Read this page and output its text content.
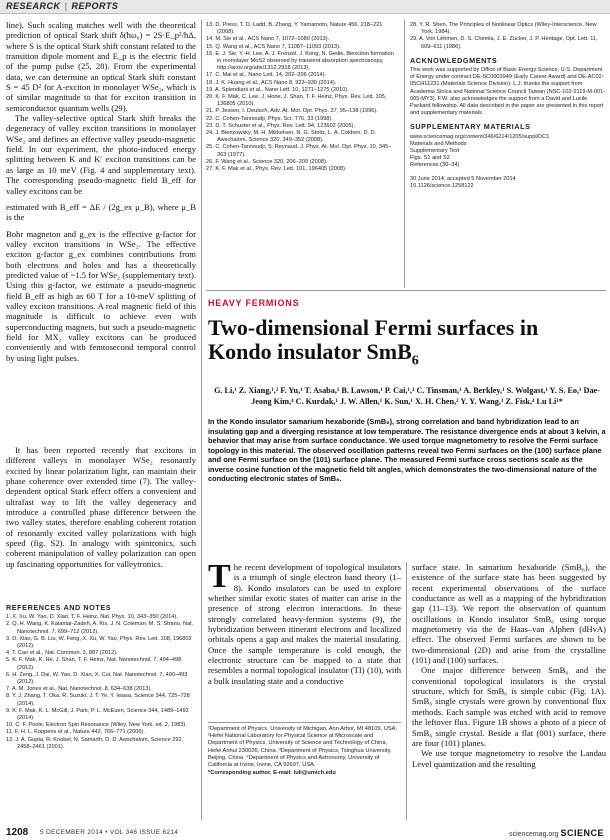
RESEARCK | REPORTS

line). Such scaling matches well with the theoretical prediction of optical Stark shift δ(ħω₀) = 2S·E_p²/ħΔ, where S is the optical Stark shift constant related to the transition dipole moment and E_p is the electric field of the pump pulse (25, 28). From the experimental data, we can determine an optical Stark shift constant S = 45 D² for A-exciton in monolayer WSe₂, which is of similar magnitude to that for exciton transition in semiconductor quantum wells (29).

The valley-selective optical Stark shift breaks the degeneracy of valley exciton transitions in monolayer WSe₂ and defines an effective valley pseudo-magnetic field. In our experiment, the photo-induced energy splitting between K and K′ exciton transitions can be as large as 10 meV (Fig. 4 and supplementary text). The corresponding pseudo-magnetic field B_eff for valley excitons can be

estimated with B_eff = ΔE / (2g_ex μ_B), where μ_B is the

Bohr magneton and g_ex is the effective g-factor for valley exciton transitions in WSe₂. The effective exciton g-factor g_ex combines contributions from both electrons and holes and has a theoretically predicted value of ~1.5 for WSe₂ (supplementary text). Using this g-factor, we estimate a pseudo-magnetic field B_eff as high as 60 T for a 10-meV splitting of valley exciton transitions. A real magnetic field of this magnitude is difficult to achieve even with superconducting magnets, but such a pseudo-magnetic field for MX₂ valley excitons can be produced conveniently and with femtosecond temporal control by using light pulses.

It has been reported recently that excitons in different valleys in monolayer WSe₂ resonantly excited by linear polarization light, can maintain their phase coherence over extended time (7). The valley-dependent optical Stark effect offers a convenient and ultrafast way to lift the valley degeneracy and introduce a controlled phase difference between the two valley states, therefore enabling coherent rotation of resonantly excited valley polarizations with high speed (fig. S2). In analogy with spintronics, such coherent manipulation of valley polarization can open up fascinating opportunities for valleytronics.

REFERENCES AND NOTES
1. X. Xu, W. Yao, D. Xiao, T. F. Heinz, Nat. Phys. 10, 343–350 (2014).
2. Q. H. Wang, K. Kalantar-Zadeh, A. Kis, J. N. Coleman, M. S. Strano, Nat. Nanotechnol. 7, 699–712 (2012).
3. D. Xiao, G. B. Liu, W. Feng, X. Xu, W. Yao, Phys. Rev. Lett. 108, 196802 (2012).
4. T. Cao et al., Nat. Commun. 3, 887 (2012).
5. K. F. Mak, K. He, J. Shan, T. F. Heinz, Nat. Nanotechnol. 7, 494–498 (2012).
6. H. Zeng, J. Dai, W. Yao, D. Xiao, X. Cui, Nat. Nanotechnol. 7, 490–493 (2012).
7. A. M. Jones et al., Nat. Nanotechnol. 8, 634–638 (2013).
8. Y. J. Zhang, T. Oka, R. Suzuki, J. T. Ye, Y. Iwasa, Science 344, 725–728 (2014).
9. K. F. Mak, K. L. McGill, J. Park, P. L. McEuen, Science 344, 1489–1492 (2014).
10. C. F. Poole, Electron Spin Resonance (Wiley, New York, ed. 2, 1983).
11. F. H. L. Koppens et al., Nature 442, 766–771 (2006).
12. J. A. Gupta, R. Knobel, N. Samarth, D. D. Awschalom, Science 292, 2458–2461 (2001).
13. D. Press, T. D. Ladd, B. Zhang, Y. Yamamoto, Nature 456, 218–221 (2008).
14. M. Sie et al., ACS Nano 7, 1072–1080 (2013).
15. Q. Wang et al., ACS Nano 7, 11087–11093 (2013).
16. E. J. Sie, Y.-H. Lee, A. J. Frenzel, J. Kong, N. Gedik, Biexciton formation in monolayer MoS2 observed by transient absorption spectroscopy, http://arxiv.org/abs/1312.2918 (2013).
17. C. Mai et al., Nano Lett. 14, 202–206 (2014).
18. J. K. Huang et al., ACS Nano 8, 923–930 (2014).
19. A. Splendiani et al., Nano Lett. 10, 1271–1275 (2010).
20. K. F. Mak, C. Lee, J. Hone, J. Shan, T. F. Heinz, Phys. Rev. Lett. 105, 136805 (2010).
21. P. Jessen, I. Deutsch, Adv. At. Mol. Opt. Phys. 37, 95–138 (1996).
22. C. Cohen-Tannoudji, Phys. Scr. T76, 33 (1998).
23. D. T. Schuster et al., Phys. Rev. Lett. 94, 123602 (2005).
24. J. Bienzowsky, M. H. Mikkelsen, N. G. Stoltz, L. A. Coldren, D. D. Awschalom, Science 320, 349–352 (2008).
25. C. Cohen-Tannoudji, S. Reynaud, J. Phys. At. Mol. Opt. Phys. 10, 345–363 (1977).
26. F. Wang et al., Science 320, 206–209 (2008).
27. K. F. Mak et al., Phys. Rev. Lett. 101, 196405 (2008).
28. Y. R. Shen, The Principles of Nonlinear Optics (Wiley-Interscience, New York, 1984).
29. A. Von Lehmen, D. S. Chemla, J. E. Zucker, J. P. Heritage, Opt. Lett. 11, 609–611 (1986).
ACKNOWLEDGMENTS
This work was supported by Office of Basic Energy Science, U.S. Department of Energy under contract DE-SC0003949 (Early Career Award) and DE-AC02-05CH11231 (Materials Science Division). L.J. thanks the support from Academia Sinica and National Science Council Taiwan (NSC-102-2119-M-001-005-MY3). F.W. also acknowledges the support from a David and Lucile Packard fellowship. All data described in the paper are presented in this report and supplementary materials.
SUPPLEMENTARY MATERIALS
www.sciencemag.org/content/346/6214/1205/suppl/DC1
Materials and Methods
Supplementary Text
Figs. S1 and S2
References (30–34)
30 June 2014; accepted 5 November 2014
10.1126/science.1258122
HEAVY FERMIONS
Two-dimensional Fermi surfaces in
Kondo insulator SmB$_6$
G. Li,¹ Z. Xiang,¹,² F. Yu,¹ T. Asaba,¹ B. Lawson,¹ P. Cai,¹,³ C. Tinsman,¹ A. Berkley,¹ S. Wolgast,¹ Y. S. Eo,¹ Dae-Jeong Kim,⁴ C. Kurdak,¹ J. W. Allen,¹ K. Sun,¹ X. H. Chen,² Y. Y. Wang,³ Z. Fisk,⁴ Lu Li¹*
In the Kondo insulator samarium hexaboride (SmB₆), strong correlation and band hybridization lead to an insulating gap and a diverging resistance at low temperature. The resistance divergence ends at about 3 kelvin, a behavior that may arise from surface conductance. We used torque magnetometry to resolve the Fermi surface topology in this material. The observed oscillation patterns reveal two Fermi surfaces on the (100) surface plane and one Fermi surface on the (101) surface plane. The measured Fermi surface cross sections scale as the inverse cosine function of the magnetic field tilt angles, which demonstrates the two-dimensional nature of the conducting electronic states of SmB₆.
The recent development of topological insulators is a triumph of single electron band theory (1–8). Kondo insulators can be used to explore whether similar exotic states of matter can arise in the presence of strong electron interactions. In these strongly correlated heavy-fermion systems (9), the hybridization between itinerant electrons and localized orbitals opens a gap and makes the material insulating. Once the sample temperature is cold enough, the electronic structure can be mapped to a state that resembles a normal topological insulator (TI) (10), with a bulk insulating state and a conductive
¹Department of Physics, University of Michigan, Ann Arbor, MI 48109, USA. ²Hefei National Laboratory for Physical Science at Microscale and Department of Physics, University of Science and Technology of China, Hefei Anhui 230026, China. ³Department of Physics, Tsinghua University, Beijing, China. ⁴Department of Physics and Astronomy, University of California at Irvine, Irvine, CA 92697, USA.
*Corresponding author. E-mail: luli@umich.edu

surface state. In samarium hexaboride (SmB₆), the existence of the surface state has been suggested by recent experimental observations of the surface conductance as well as a mapping of the hybridization gap (11–13). We report the observation of quantum oscillations in Kondo insulator SmB₆ using torque magnetometry via the de Haas–van Alphen (dHvA) effect. The observed Fermi surfaces are shown to be two-dimensional (2D) and arise from the crystalline (101) and (100) surfaces.

One major difference between SmB₆ and the conventional topological insulators is the crystal structure, which for SmB₆ is simple cubic (Fig. 1A). SmB₆ single crystals were grown by conventional flux methods. Each sample was etched with acid to remove the leftover flux. Figure 1B shows a photo of a piece of SmB₆ single crystal. Beside a flat (001) surface, there are four (101) planes.

We use torque magnetometry to resolve the Landau Level quantization and the resulting

1208 5 DECEMBER 2014 • VOL 346 ISSUE 6214	sciencemag.org SCIENCE
